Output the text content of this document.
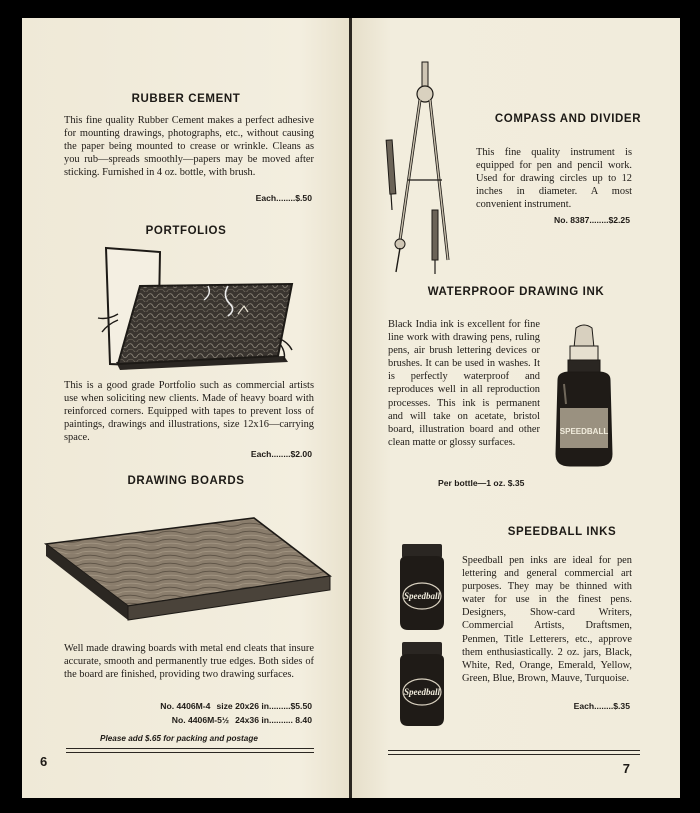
RUBBER CEMENT
This fine quality Rubber Cement makes a perfect adhesive for mounting drawings, photographs, etc., without causing the paper being mounted to crease or wrinkle. Cleans as you rub—spreads smoothly—papers may be moved after sticking. Furnished in 4 oz. bottle, with brush.
Each........$.50
PORTFOLIOS
This is a good grade Portfolio such as commercial artists use when soliciting new clients. Made of heavy board with reinforced corners. Equipped with tapes to prevent loss of paintings, drawings and illustrations, size 12x16—carrying space.
Each........$2.00
DRAWING BOARDS
Well made drawing boards with metal end cleats that insure accurate, smooth and permanently true edges. Both sides of the board are finished, providing two drawing surfaces.
No. 4406M-4 size 20x26 in.........$5.50
No. 4406M-5½ 24x36 in.......... 8.40
Please add $.65 for packing and postage
6
COMPASS AND DIVIDER
This fine quality instrument is equipped for pen and pencil work. Used for drawing circles up to 12 inches in diameter. A most convenient instrument.
No. 8387........$2.25
WATERPROOF DRAWING INK
Black India ink is excellent for fine line work with drawing pens, ruling pens, air brush lettering devices or brushes. It can be used in washes. It is perfectly waterproof and reproduces well in all reproduction processes. This ink is permanent and will take on acetate, bristol board, illustration board and other clean matte or glossy surfaces.
Per bottle—1 oz. $.35
SPEEDBALL
Speedball
Speedball
SPEEDBALL INKS
Speedball pen inks are ideal for pen lettering and general commercial art purposes. They may be thinned with water for use in the finest pens. Designers, Show-card Writers, Commercial Artists, Draftsmen, Penmen, Title Letterers, etc., approve them enthusiastically. 2 oz. jars, Black, White, Red, Orange, Emerald, Yellow, Green, Blue, Brown, Mauve, Turquoise.
Each........$.35
7
